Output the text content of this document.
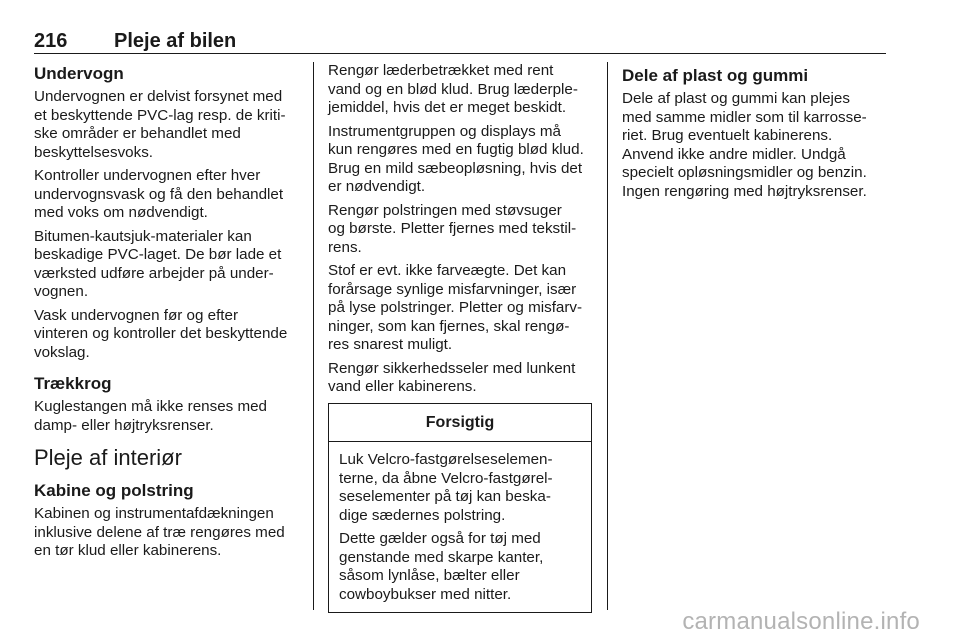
216 Pleje af bilen
Undervogn

Undervognen er delvist forsynet med
et beskyttende PVC-lag resp. de kriti-
ske områder er behandlet med
beskyttelsesvoks.

Kontroller undervognen efter hver
undervognsvask og få den behandlet
med voks om nødvendigt.

Bitumen-kautsjuk-materialer kan
beskadige PVC-laget. De bør lade et
værksted udføre arbejder på under-
vognen.

Vask undervognen før og efter
vinteren og kontroller det beskyttende
vokslag.

Trækkrog

Kuglestangen må ikke renses med
damp- eller højtryksrenser.

Pleje af interiør
Kabine og polstring

Kabinen og instrumentafdækningen
inklusive delene af træ rengøres med
en tør klud eller kabinerens.

Rengør læderbetrækket med rent
vand og en blød klud. Brug læderple-
jemiddel, hvis det er meget beskidt.

Instrumentgruppen og displays må
kun rengøres med en fugtig blød klud.
Brug en mild sæbeopløsning, hvis det
er nødvendigt.

Rengør polstringen med støvsuger
og børste. Pletter fjernes med tekstil-
rens.

Stof er evt. ikke farveægte. Det kan
forårsage synlige misfarvninger, især
på lyse polstringer. Pletter og misfarv-
ninger, som kan fjernes, skal rengø-
res snarest muligt.

Rengør sikkerhedsseler med lunkent
vand eller kabinerens.

Forsigtig

Luk Velcro-fastgørelseselemen-
terne, da åbne Velcro-fastgørel-
seselementer på tøj kan beska-
dige sædernes polstring.

Dette gælder også for tøj med
genstande med skarpe kanter,
såsom lynlåse, bælter eller
cowboybukser med nitter.

Dele af plast og gummi

Dele af plast og gummi kan plejes
med samme midler som til karrosse-
riet. Brug eventuelt kabinerens.
Anvend ikke andre midler. Undgå
specielt opløsningsmidler og benzin.
Ingen rengøring med højtryksrenser.

carmanualsonline.info
